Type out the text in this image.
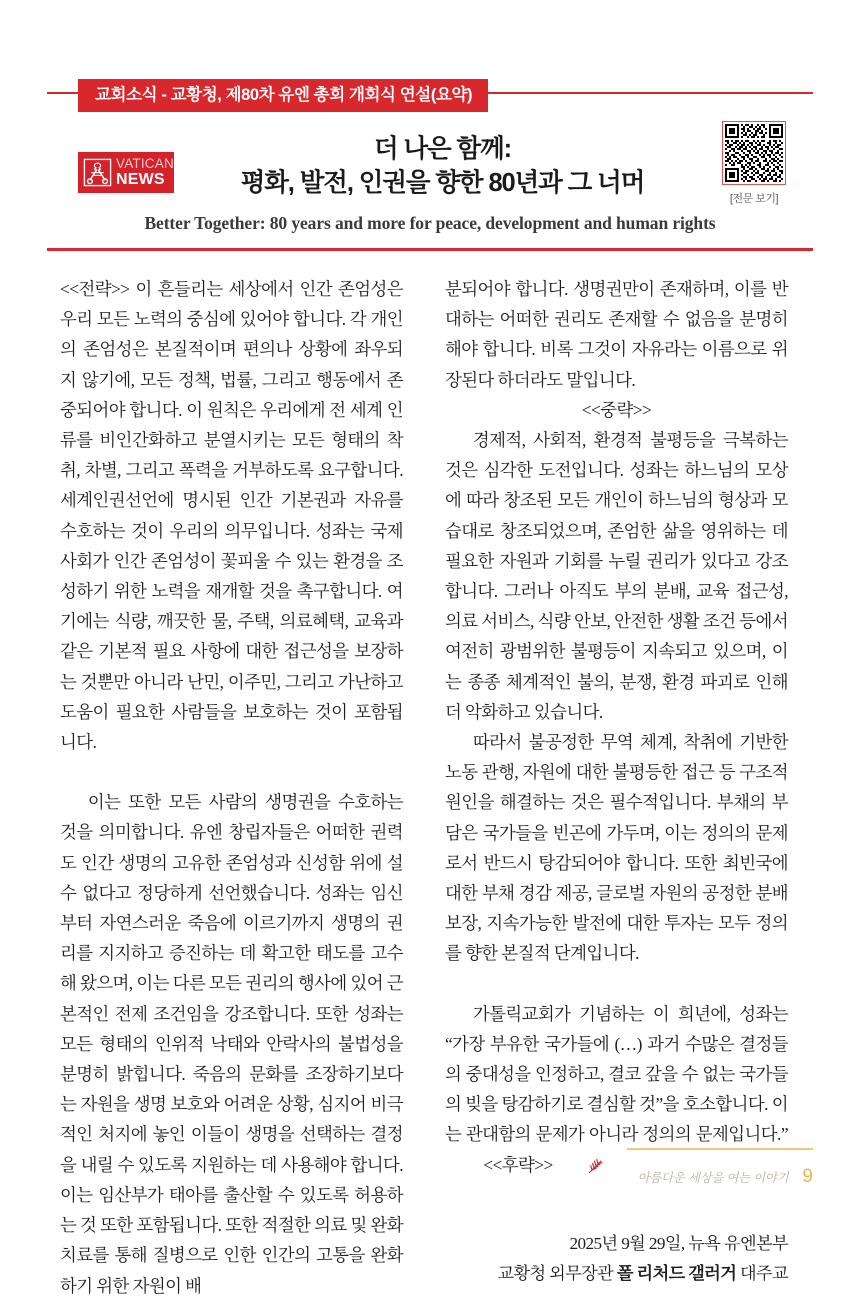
교회소식 - 교황청, 제80차 유엔 총회 개회식 연설(요약)
VATICAN
NEWS
더 나은 함께:
평화, 발전, 인권을 향한 80년과 그 너머
Better Together: 80 years and more for peace, development and human rights
[전문 보기]

<<전략>> 이 흔들리는 세상에서 인간 존엄성은 우리 모든 노력의 중심에 있어야 합니다. 각 개인의 존엄성은 본질적이며 편의나 상황에 좌우되지 않기에, 모든 정책, 법률, 그리고 행동에서 존중되어야 합니다. 이 원칙은 우리에게 전 세계 인류를 비인간화하고 분열시키는 모든 형태의 착취, 차별, 그리고 폭력을 거부하도록 요구합니다. 세계인권선언에 명시된 인간 기본권과 자유를 수호하는 것이 우리의 의무입니다. 성좌는 국제사회가 인간 존엄성이 꽃피울 수 있는 환경을 조성하기 위한 노력을 재개할 것을 촉구합니다. 여기에는 식량, 깨끗한 물, 주택, 의료혜택, 교육과 같은 기본적 필요 사항에 대한 접근성을 보장하는 것뿐만 아니라 난민, 이주민, 그리고 가난하고 도움이 필요한 사람들을 보호하는 것이 포함됩니다.

이는 또한 모든 사람의 생명권을 수호하는 것을 의미합니다. 유엔 창립자들은 어떠한 권력도 인간 생명의 고유한 존엄성과 신성함 위에 설 수 없다고 정당하게 선언했습니다. 성좌는 임신부터 자연스러운 죽음에 이르기까지 생명의 권리를 지지하고 증진하는 데 확고한 태도를 고수해 왔으며, 이는 다른 모든 권리의 행사에 있어 근본적인 전제 조건임을 강조합니다. 또한 성좌는 모든 형태의 인위적 낙태와 안락사의 불법성을 분명히 밝힙니다. 죽음의 문화를 조장하기보다는 자원을 생명 보호와 어려운 상황, 심지어 비극적인 처지에 놓인 이들이 생명을 선택하는 결정을 내릴 수 있도록 지원하는 데 사용해야 합니다. 이는 임산부가 태아를 출산할 수 있도록 허용하는 것 또한 포함됩니다. 또한 적절한 의료 및 완화 치료를 통해 질병으로 인한 인간의 고통을 완화하기 위한 자원이 배

분되어야 합니다. 생명권만이 존재하며, 이를 반대하는 어떠한 권리도 존재할 수 없음을 분명히 해야 합니다. 비록 그것이 자유라는 이름으로 위장된다 하더라도 말입니다.

<<중략>>

경제적, 사회적, 환경적 불평등을 극복하는 것은 심각한 도전입니다. 성좌는 하느님의 모상에 따라 창조된 모든 개인이 하느님의 형상과 모습대로 창조되었으며, 존엄한 삶을 영위하는 데 필요한 자원과 기회를 누릴 권리가 있다고 강조합니다. 그러나 아직도 부의 분배, 교육 접근성, 의료 서비스, 식량 안보, 안전한 생활 조건 등에서 여전히 광범위한 불평등이 지속되고 있으며, 이는 종종 체계적인 불의, 분쟁, 환경 파괴로 인해 더 악화하고 있습니다.

따라서 불공정한 무역 체계, 착취에 기반한 노동 관행, 자원에 대한 불평등한 접근 등 구조적 원인을 해결하는 것은 필수적입니다. 부채의 부담은 국가들을 빈곤에 가두며, 이는 정의의 문제로서 반드시 탕감되어야 합니다. 또한 최빈국에 대한 부채 경감 제공, 글로벌 자원의 공정한 분배 보장, 지속가능한 발전에 대한 투자는 모두 정의를 향한 본질적 단계입니다.

가톨릭교회가 기념하는 이 희년에, 성좌는 “가장 부유한 국가들에 (…) 과거 수많은 결정들의 중대성을 인정하고, 결코 갚을 수 없는 국가들의 빚을 탕감하기로 결심할 것”을 호소합니다. 이는 관대함의 문제가 아니라 정의의 문제입니다.”<<후략>>

2025년 9월 29일, 뉴욕 유엔본부
교황청 외무장관 폴 리처드 갤러거 대주교
아름다운 세상을 여는 이야기 9
